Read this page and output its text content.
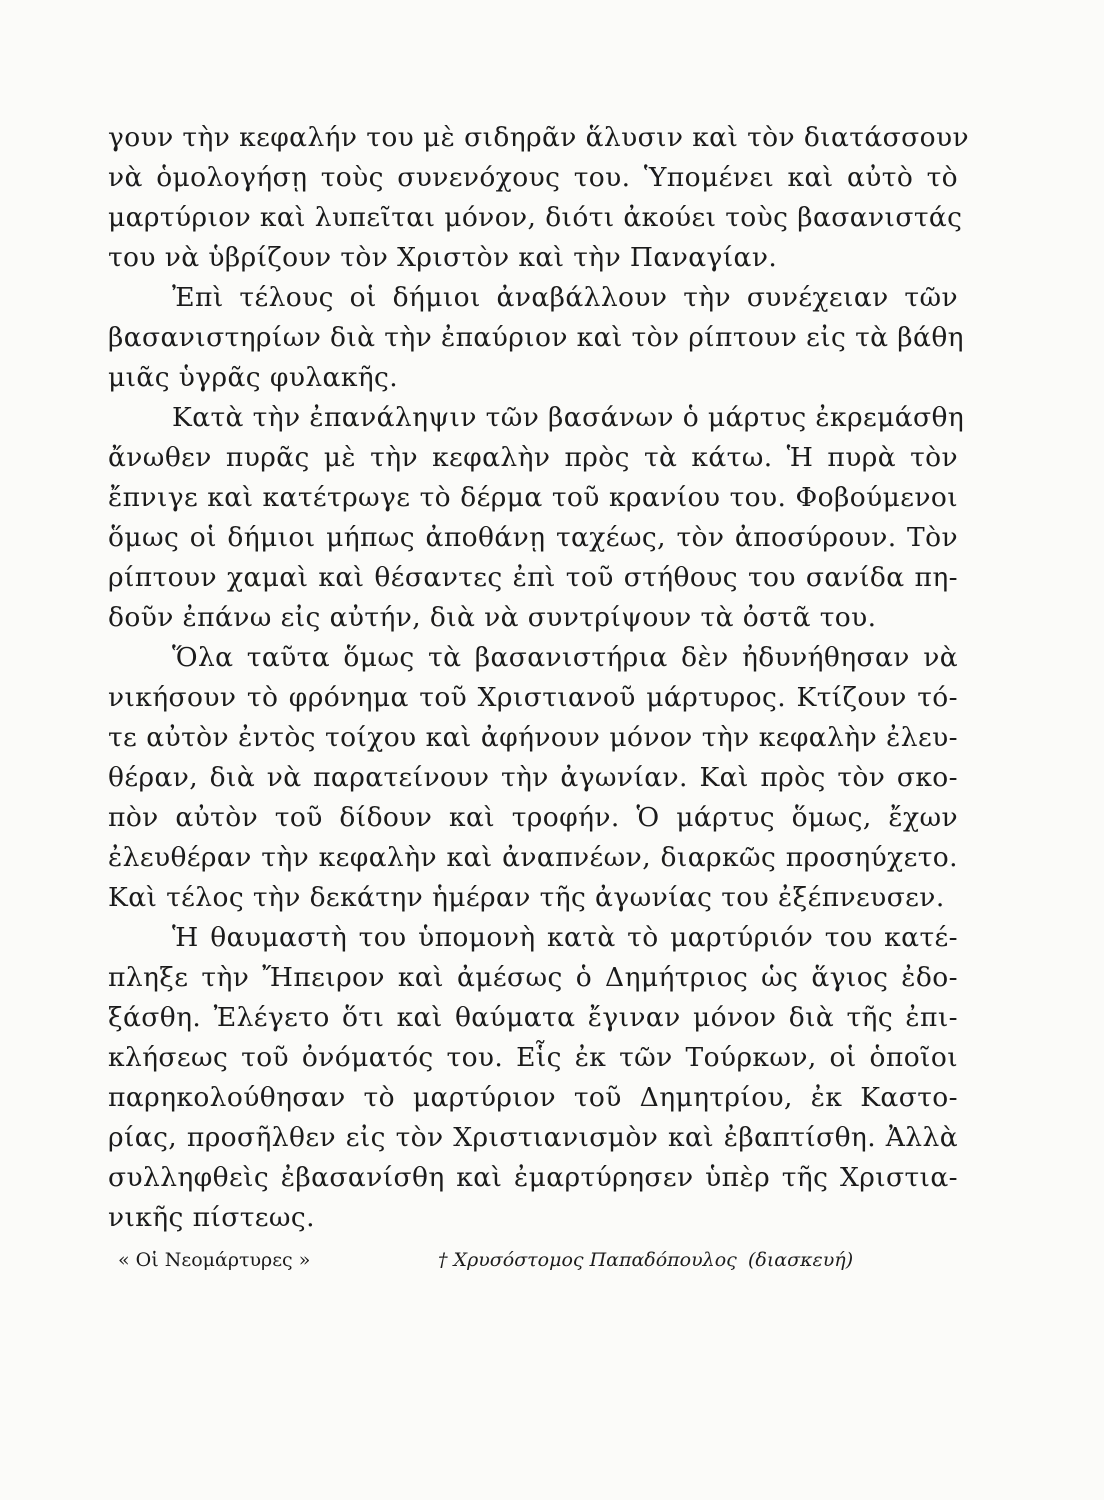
γουν τὴν κεφαλήν του μὲ σιδηρᾶν ἅλυσιν καὶ τὸν διατάσσουν
νὰ ὁμολογήσῃ τοὺς συνενόχους του. Ὑπομένει καὶ αὐτὸ τὸ
μαρτύριον καὶ λυπεῖται μόνον, διότι ἀκούει τοὺς βασανιστάς
του νὰ ὑβρίζουν τὸν Χριστὸν καὶ τὴν Παναγίαν.
Ἐπὶ τέλους οἱ δήμιοι ἀναβάλλουν τὴν συνέχειαν τῶν
βασανιστηρίων διὰ τὴν ἐπαύριον καὶ τὸν ρίπτουν εἰς τὰ βάθη
μιᾶς ὑγρᾶς φυλακῆς.
Κατὰ τὴν ἐπανάληψιν τῶν βασάνων ὁ μάρτυς ἐκρεμάσθη
ἄνωθεν πυρᾶς μὲ τὴν κεφαλὴν πρὸς τὰ κάτω. Ἡ πυρὰ τὸν
ἔπνιγε καὶ κατέτρωγε τὸ δέρμα τοῦ κρανίου του. Φοβούμενοι
ὅμως οἱ δήμιοι μήπως ἀποθάνῃ ταχέως, τὸν ἀποσύρουν. Τὸν
ρίπτουν χαμαὶ καὶ θέσαντες ἐπὶ τοῦ στήθους του σανίδα πη-
δοῦν ἐπάνω εἰς αὐτήν, διὰ νὰ συντρίψουν τὰ ὀστᾶ του.
Ὅλα ταῦτα ὅμως τὰ βασανιστήρια δὲν ἠδυνήθησαν νὰ
νικήσουν τὸ φρόνημα τοῦ Χριστιανοῦ μάρτυρος. Κτίζουν τό-
τε αὐτὸν ἐντὸς τοίχου καὶ ἀφήνουν μόνον τὴν κεφαλὴν ἐλευ-
θέραν, διὰ νὰ παρατείνουν τὴν ἀγωνίαν. Καὶ πρὸς τὸν σκο-
πὸν αὐτὸν τοῦ δίδουν καὶ τροφήν. Ὁ μάρτυς ὅμως, ἔχων
ἐλευθέραν τὴν κεφαλὴν καὶ ἀναπνέων, διαρκῶς προσηύχετο.
Καὶ τέλος τὴν δεκάτην ἡμέραν τῆς ἀγωνίας του ἐξέπνευσεν.
Ἡ θαυμαστὴ του ὑπομονὴ κατὰ τὸ μαρτύριόν του κατέ-
πληξε τὴν Ἤπειρον καὶ ἀμέσως ὁ Δημήτριος ὡς ἅγιος ἐδο-
ξάσθη. Ἐλέγετο ὅτι καὶ θαύματα ἔγιναν μόνον διὰ τῆς ἐπι-
κλήσεως τοῦ ὀνόματός του. Εἷς ἐκ τῶν Τούρκων, οἱ ὁποῖοι
παρηκολούθησαν τὸ μαρτύριον τοῦ Δημητρίου, ἐκ Καστο-
ρίας, προσῆλθεν εἰς τὸν Χριστιανισμὸν καὶ ἐβαπτίσθη. Ἀλλὰ
συλληφθεὶς ἐβασανίσθη καὶ ἐμαρτύρησεν ὑπὲρ τῆς Χριστια-
νικῆς πίστεως.
« Οἱ Νεομάρτυρες »	† Χρυσόστομος Παπαδόπουλος (διασκευή)
